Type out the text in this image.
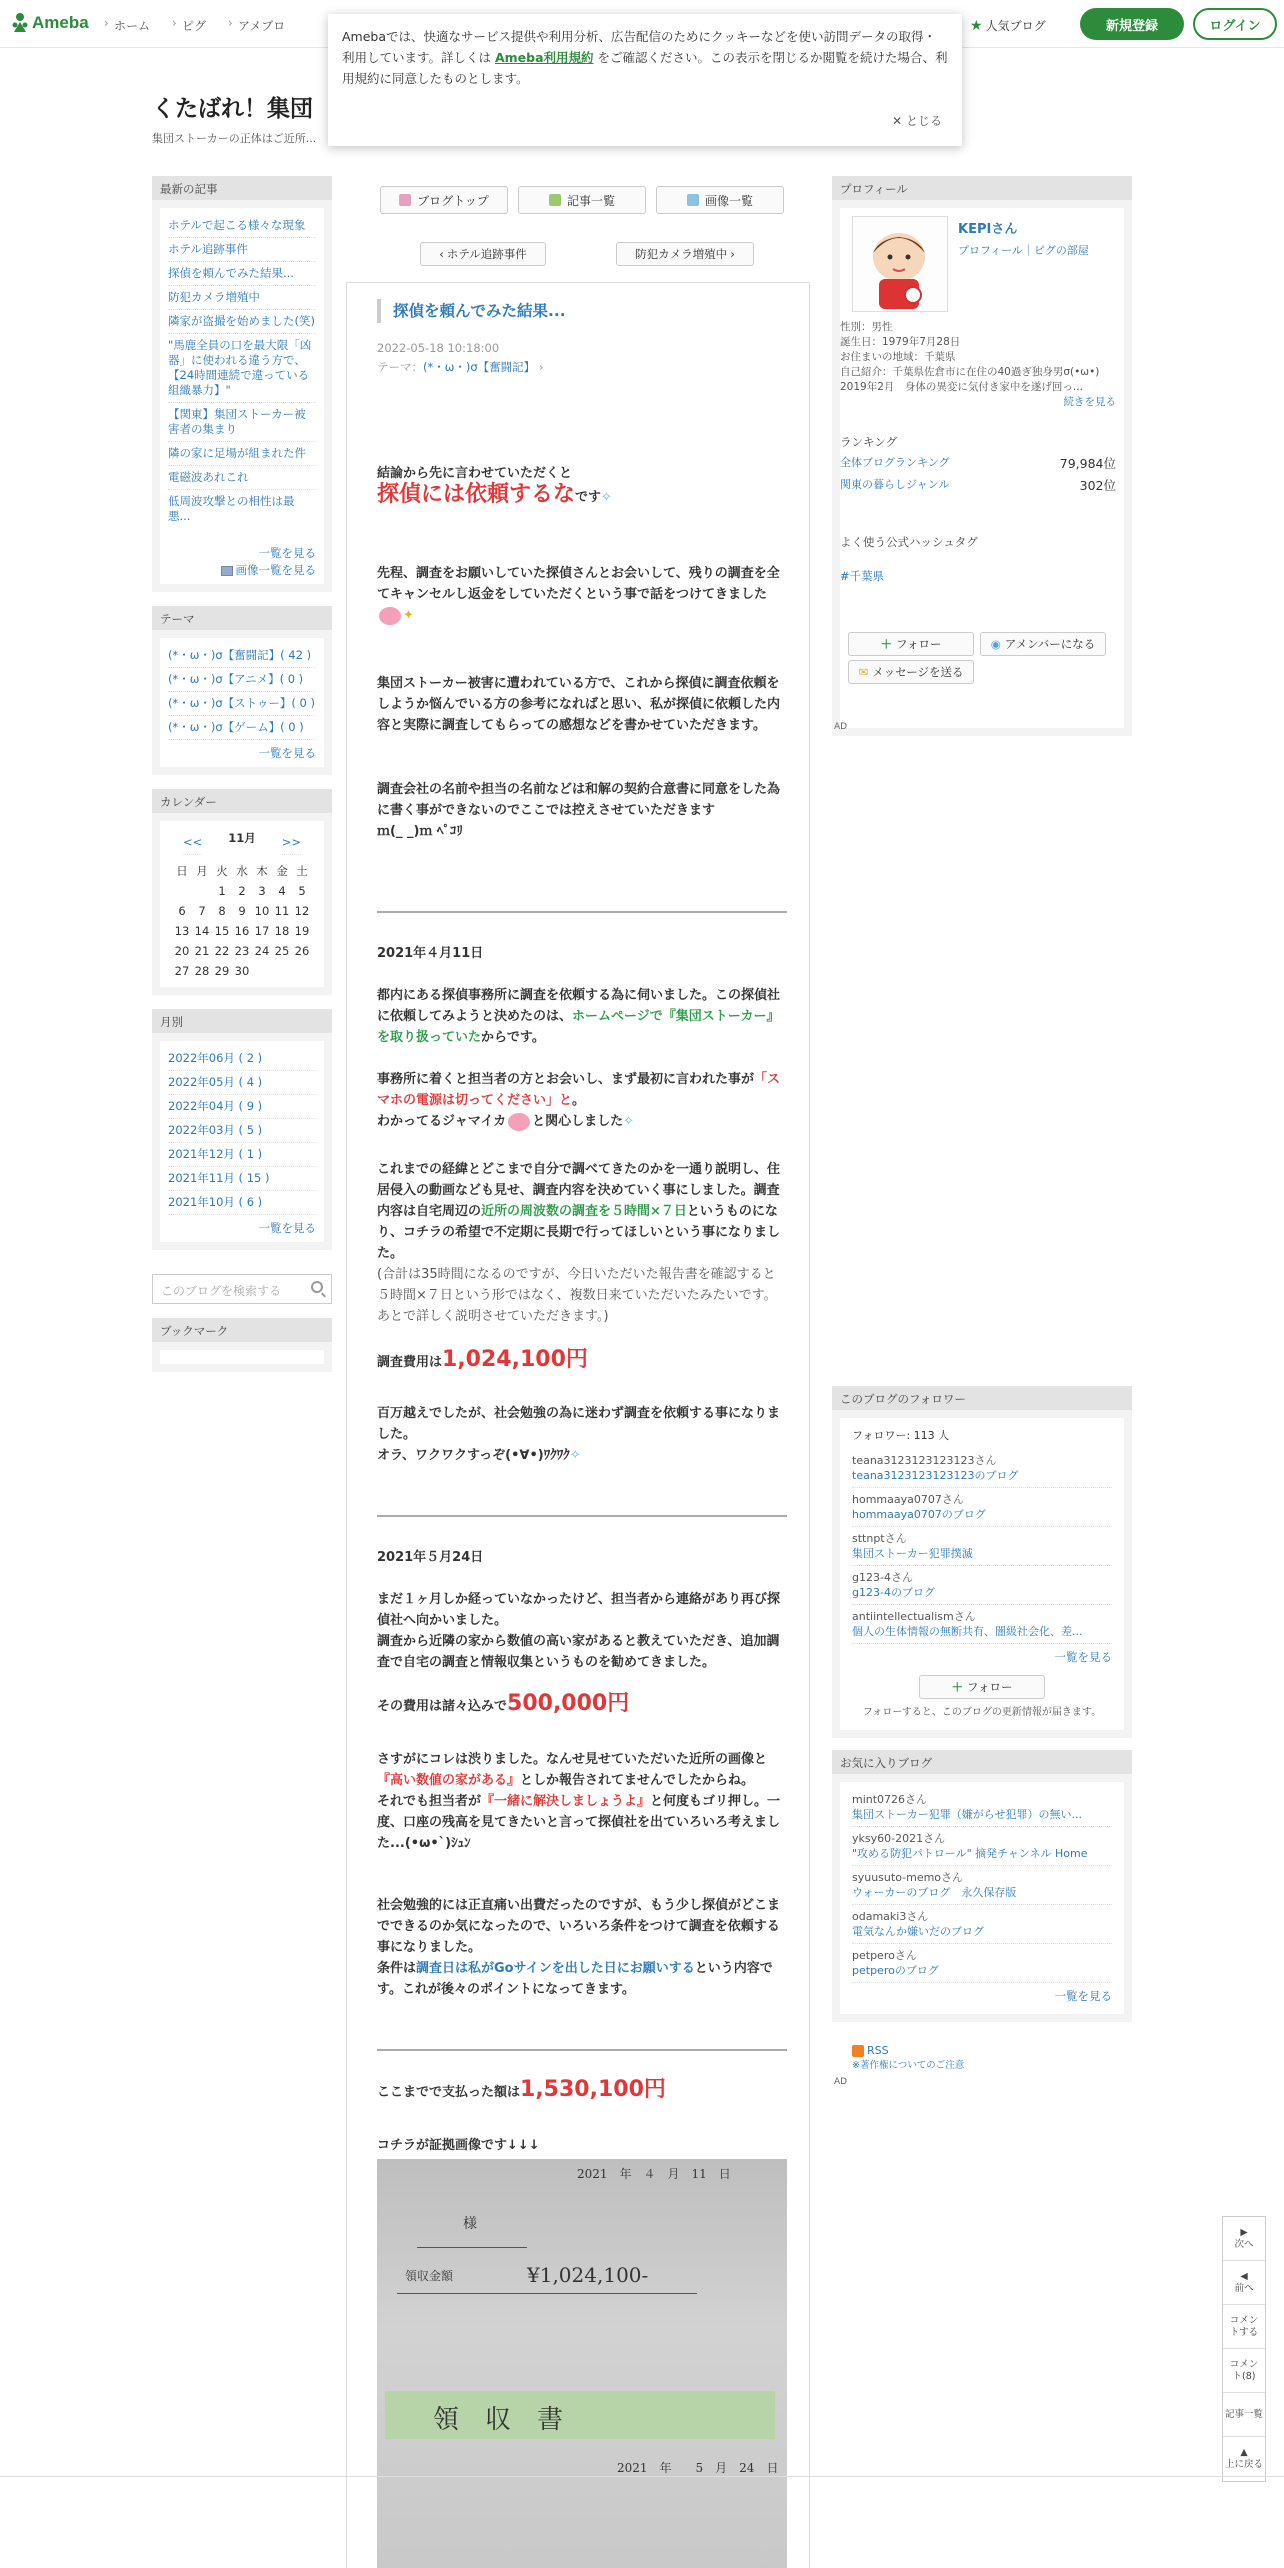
Ameba	› ホーム	› ピグ	› アメブロ	★ 人気ブログ	新規登録	ログイン
Amebaでは、快適なサービス提供や利用分析、広告配信のためにクッキーなどを使い訪問データの取得・利用しています。詳しくは Ameba利用規約 をご確認ください。この表示を閉じるか閲覧を続けた場合、利用規約に同意したものとします。
✕ とじる
くたばれ！集団
集団ストーカーの正体はご近所...
最新の記事
ホテルで起こる様々な現象
ホテル追跡事件
探偵を頼んでみた結果...
防犯カメラ増殖中
隣家が盗撮を始めました(笑)
"馬鹿全員の口を最大限「凶器」に使われる違う方で、【24時間連続で違っている組織暴力】"
【関東】集団ストーカー被害者の集まり
隣の家に足場が組まれた件
電磁波あれこれ
低周波攻撃との相性は最悪...
一覧を見る
画像一覧を見る
テーマ
(*・ω・)σ【奮闘記】( 42 )
(*・ω・)σ【アニメ】( 0 )
(*・ω・)σ【ストゥー】( 0 )
(*・ω・)σ【ゲーム】( 0 )
一覧を見る
カレンダー
<< 11月 >>
日	月	火	水	木	金	土
		1	2	3	4	5
6	7	8	9	10	11	12
13	14	15	16	17	18	19
20	21	22	23	24	25	26
27	28	29	30			
月別
2022年06月 ( 2 )
2022年05月 ( 4 )
2022年04月 ( 9 )
2022年03月 ( 5 )
2021年12月 ( 1 )
2021年11月 ( 15 )
2021年10月 ( 6 )
一覧を見る
このブログを検索する
ブックマーク
ブログトップ	記事一覧	画像一覧
‹ ホテル追跡事件	防犯カメラ増殖中 ›
探偵を頼んでみた結果...
2022-05-18 10:18:00
テーマ：(*・ω・)σ【奮闘記】 ›
結論から先に言わせていただくと
探偵には依頼するなです✧
先程、調査をお願いしていた探偵さんとお会いして、残りの調査を全てキャンセルし返金をしていただくという事で話をつけてきました✦
集団ストーカー被害に遭われている方で、これから探偵に調査依頼をしようか悩んでいる方の参考になればと思い、私が探偵に依頼した内容と実際に調査してもらっての感想などを書かせていただきます。
調査会社の名前や担当の名前などは和解の契約合意書に同意をした為に書く事ができないのでここでは控えさせていただきます
ｍ(_ _)ｍ ﾍﾟｺﾘ
2021年４月11日
都内にある探偵事務所に調査を依頼する為に伺いました。この探偵社に依頼してみようと決めたのは、ホームページで『集団ストーカー』を取り扱っていたからです。
事務所に着くと担当者の方とお会いし、まず最初に言われた事が「スマホの電源は切ってください」と。
わかってるジャマイカ と関心しました✧
これまでの経緯とどこまで自分で調べてきたのかを一通り説明し、住居侵入の動画なども見せ、調査内容を決めていく事にしました。調査内容は自宅周辺の近所の周波数の調査を５時間×７日というものになり、コチラの希望で不定期に長期で行ってほしいという事になりました。
(合計は35時間になるのですが、今日いただいた報告書を確認すると５時間×７日という形ではなく、複数日来ていただいたみたいです。あとで詳しく説明させていただきます。)
調査費用は1,024,100円
百万越えでしたが、社会勉強の為に迷わず調査を依頼する事になりました。
オラ、ワクワクすっぞ(•∀•)ﾜｸﾜｸ✧
2021年５月24日
まだ１ヶ月しか経っていなかったけど、担当者から連絡があり再び探偵社へ向かいました。
調査から近隣の家から数値の高い家があると教えていただき、追加調査で自宅の調査と情報収集というものを勧めてきました。
その費用は諸々込みで500,000円
さすがにコレは渋りました。なんせ見せていただいた近所の画像と『高い数値の家がある』としか報告されてませんでしたからね。
それでも担当者が『一緒に解決しましょうよ』と何度もゴリ押し。一度、口座の残高を見てきたいと言って探偵社を出ていろいろ考えました...(•ω•`)ｼｭﾝ
社会勉強的には正直痛い出費だったのですが、もう少し探偵がどこまでできるのか気になったので、いろいろ条件をつけて調査を依頼する事になりました。
条件は調査日は私がGoサインを出した日にお願いするという内容です。これが後々のポイントになってきます。
ここまでで支払った額は1,530,100円
コチラが証拠画像です↓↓↓
2021　年　４　月　11　日
様
領収金額	¥1,024,100-
領　収　書
2021　年　　5　月　24　日
プロフィール
KEPIさん
プロフィール｜ピグの部屋
性別：男性
誕生日：1979年7月28日
お住まいの地域：千葉県
自己紹介：千葉県佐倉市に在住の40過ぎ独身男σ(•ω•) 2019年2月　身体の異変に気付き家中を遂げ回っ...
続きを見る
ランキング
全体ブログランキング	79,984位
関東の暮らしジャンル	302位
よく使う公式ハッシュタグ
#千葉県
＋ フォロー	◉ アメンバーになる
✉ メッセージを送る
AD
このブログのフォロワー
フォロワー: 113 人
teana3123123123123さん
teana3123123123123のブログ
hommaaya0707さん
hommaaya0707のブログ
sttnptさん
集団ストーカー犯罪撲滅
g123-4さん
g123-4のブログ
antiintellectualismさん
個人の生体情報の無断共有、闇級社会化、差...
一覧を見る
＋ フォロー
フォローすると、このブログの更新情報が届きます。
お気に入りブログ
mint0726さん
集団ストーカー犯罪（嫌がらせ犯罪）の無い...
yksy60-2021さん
"攻める防犯パトロール" 摘発チャンネル Home
syuusuto-memoさん
ウォーカーのブログ　永久保存版
odamaki3さん
電気なんか嫌いだのブログ
petperoさん
petperoのブログ
一覧を見る
RSS
※著作権についてのご注意
AD
▶
次へ
◀
前へ
コメントする
コメント(8)
記事一覧
▲
上に戻る
